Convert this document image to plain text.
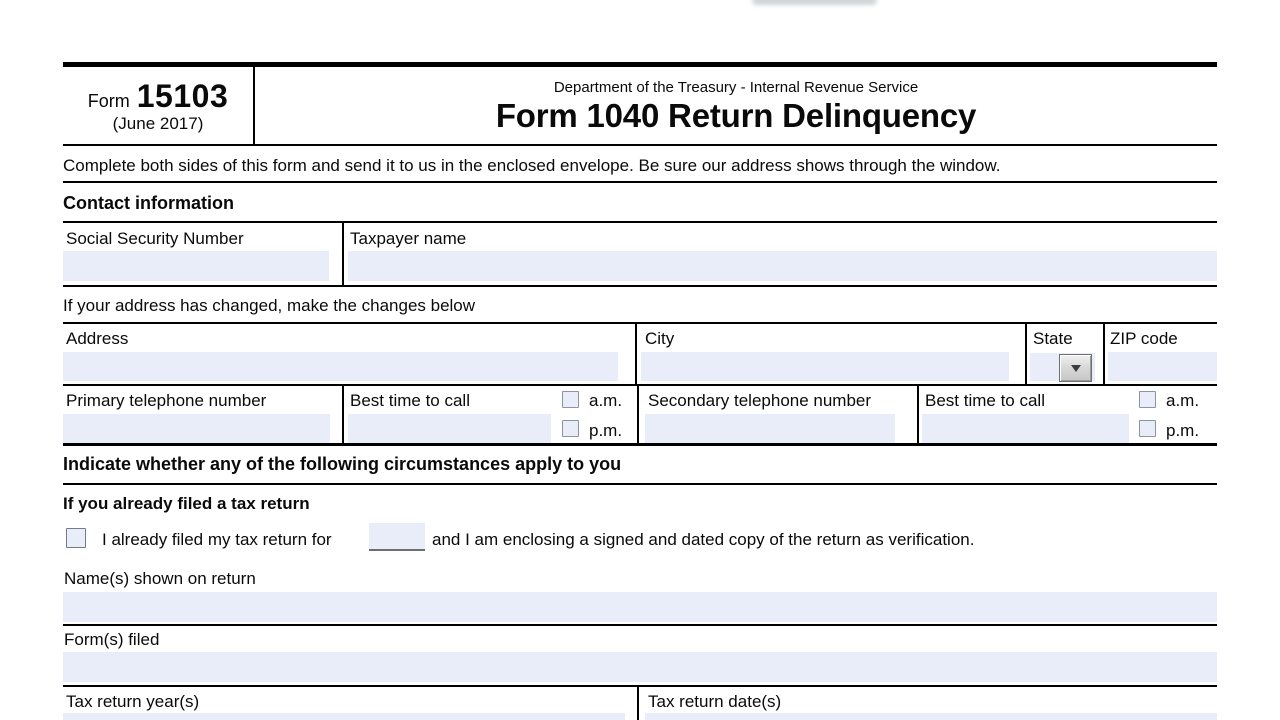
Form 15103
(June 2017)
Department of the Treasury - Internal Revenue Service
Form 1040 Return Delinquency
Complete both sides of this form and send it to us in the enclosed envelope. Be sure our address shows through the window.
Contact information
Social Security Number	Taxpayer name
If your address has changed, make the changes below
Address	City	State ZIP code
Primary telephone number	Best time to call	a.m.
p.m.
Secondary telephone number	Best time to call	a.m.
p.m.
Indicate whether any of the following circumstances apply to you
If you already filed a tax return
I already filed my tax return for	and I am enclosing a signed and dated copy of the return as verification.
Name(s) shown on return
Form(s) filed
Tax return year(s)	Tax return date(s)
